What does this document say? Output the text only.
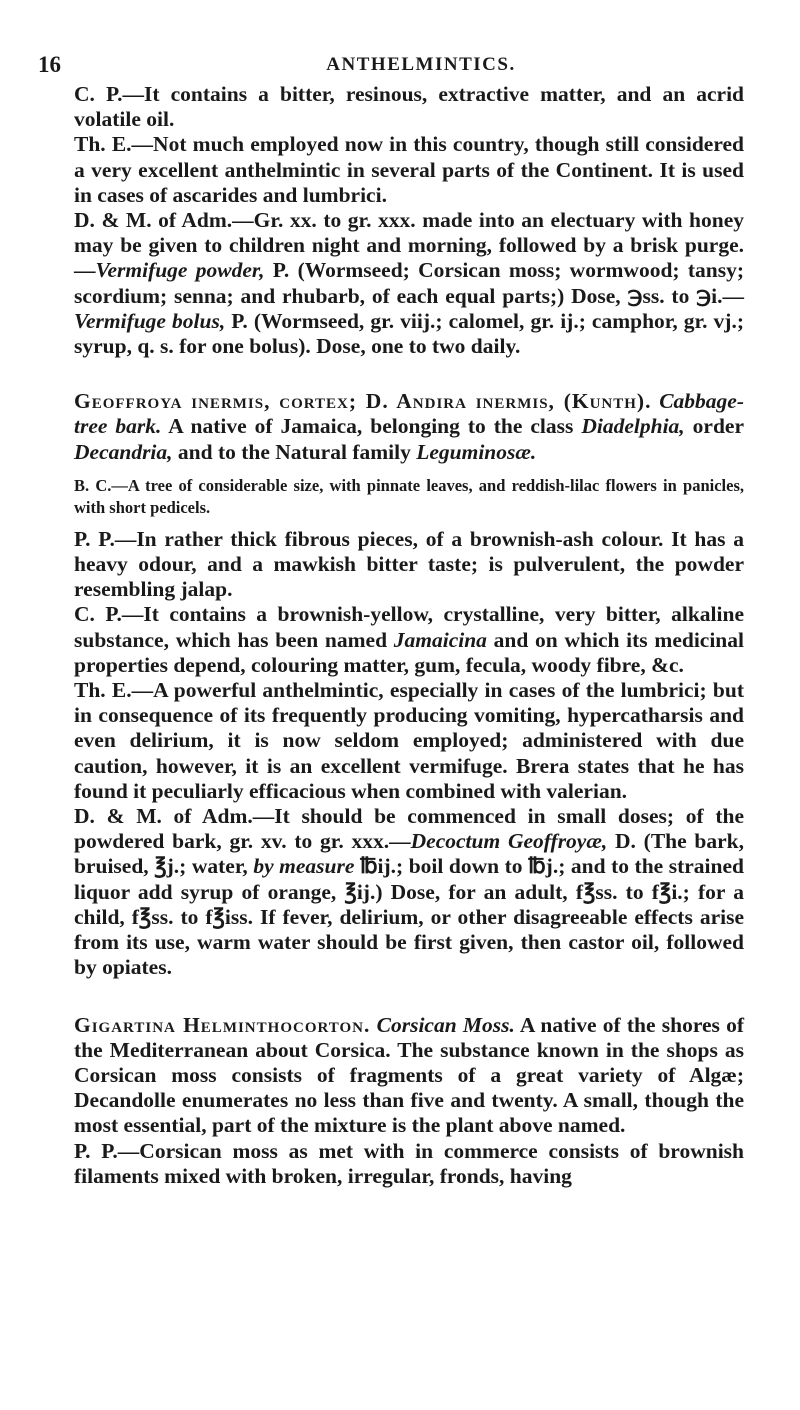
16	ANTHELMINTICS.

C. P.—It contains a bitter, resinous, extractive matter, and an acrid volatile oil.

Th. E.—Not much employed now in this country, though still considered a very excellent anthelmintic in several parts of the Continent. It is used in cases of ascarides and lumbrici.

D. & M. of Adm.—Gr. xx. to gr. xxx. made into an electuary with honey may be given to children night and morning, followed by a brisk purge.—Vermifuge powder, P. (Wormseed; Corsican moss; wormwood; tansy; scordium; senna; and rhubarb, of each equal parts;) Dose, ℈ss. to ℈i.—Vermifuge bolus, P. (Wormseed, gr. viij.; calomel, gr. ij.; camphor, gr. vj.; syrup, q. s. for one bolus). Dose, one to two daily.

Geoffroya inermis, cortex; D. Andira inermis, (Kunth). Cabbage-tree bark. A native of Jamaica, belonging to the class Diadelphia, order Decandria, and to the Natural family Leguminosæ.

B. C.—A tree of considerable size, with pinnate leaves, and reddish-lilac flowers in panicles, with short pedicels.

P. P.—In rather thick fibrous pieces, of a brownish-ash colour. It has a heavy odour, and a mawkish bitter taste; is pulverulent, the powder resembling jalap.

C. P.—It contains a brownish-yellow, crystalline, very bitter, alkaline substance, which has been named Jamaicina and on which its medicinal properties depend, colouring matter, gum, fecula, woody fibre, &c.

Th. E.—A powerful anthelmintic, especially in cases of the lumbrici; but in consequence of its frequently producing vomiting, hypercatharsis and even delirium, it is now seldom employed; administered with due caution, however, it is an excellent vermifuge. Brera states that he has found it peculiarly efficacious when combined with valerian.

D. & M. of Adm.—It should be commenced in small doses; of the powdered bark, gr. xv. to gr. xxx.—Decoctum Geoffroyæ, D. (The bark, bruised, ℥j.; water, by measure ℔ij.; boil down to ℔j.; and to the strained liquor add syrup of orange, ℥ij.) Dose, for an adult, f℥ss. to f℥i.; for a child, f℥ss. to f℥iss. If fever, delirium, or other disagreeable effects arise from its use, warm water should be first given, then castor oil, followed by opiates.

Gigartina Helminthocorton. Corsican Moss. A native of the shores of the Mediterranean about Corsica. The substance known in the shops as Corsican moss consists of fragments of a great variety of Algæ; Decandolle enumerates no less than five and twenty. A small, though the most essential, part of the mixture is the plant above named.

P. P.—Corsican moss as met with in commerce consists of brownish filaments mixed with broken, irregular, fronds, having
